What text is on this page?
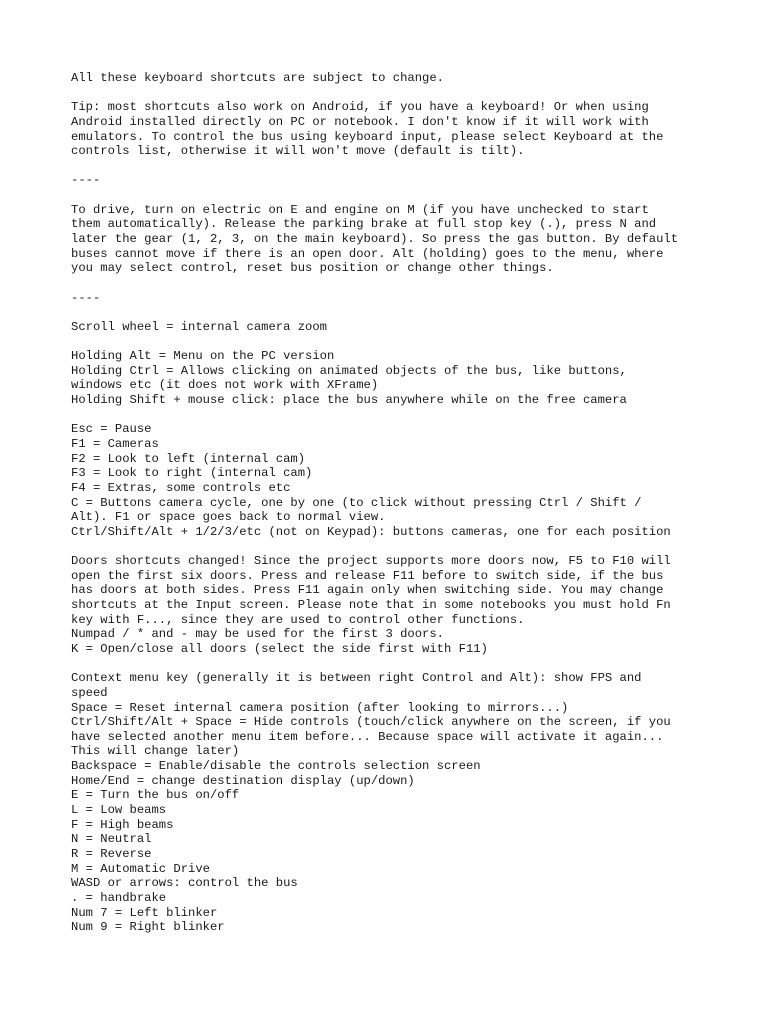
All these keyboard shortcuts are subject to change.
Tip: most shortcuts also work on Android, if you have a keyboard! Or when using
Android installed directly on PC or notebook. I don't know if it will work with
emulators. To control the bus using keyboard input, please select Keyboard at the
controls list, otherwise it will won't move (default is tilt).
----
To drive, turn on electric on E and engine on M (if you have unchecked to start
them automatically). Release the parking brake at full stop key (.), press N and
later the gear (1, 2, 3, on the main keyboard). So press the gas button. By default
buses cannot move if there is an open door. Alt (holding) goes to the menu, where
you may select control, reset bus position or change other things.
----
Scroll wheel = internal camera zoom
Holding Alt = Menu on the PC version
Holding Ctrl = Allows clicking on animated objects of the bus, like buttons,
windows etc (it does not work with XFrame)
Holding Shift + mouse click: place the bus anywhere while on the free camera
Esc = Pause
F1 = Cameras
F2 = Look to left (internal cam)
F3 = Look to right (internal cam)
F4 = Extras, some controls etc
C = Buttons camera cycle, one by one (to click without pressing Ctrl / Shift /
Alt). F1 or space goes back to normal view.
Ctrl/Shift/Alt + 1/2/3/etc (not on Keypad): buttons cameras, one for each position
Doors shortcuts changed! Since the project supports more doors now, F5 to F10 will
open the first six doors. Press and release F11 before to switch side, if the bus
has doors at both sides. Press F11 again only when switching side. You may change
shortcuts at the Input screen. Please note that in some notebooks you must hold Fn
key with F..., since they are used to control other functions.
Numpad / * and - may be used for the first 3 doors.
K = Open/close all doors (select the side first with F11)
Context menu key (generally it is between right Control and Alt): show FPS and
speed
Space = Reset internal camera position (after looking to mirrors...)
Ctrl/Shift/Alt + Space = Hide controls (touch/click anywhere on the screen, if you
have selected another menu item before... Because space will activate it again...
This will change later)
Backspace = Enable/disable the controls selection screen
Home/End = change destination display (up/down)
E = Turn the bus on/off
L = Low beams
F = High beams
N = Neutral
R = Reverse
M = Automatic Drive
WASD or arrows: control the bus
. = handbrake
Num 7 = Left blinker
Num 9 = Right blinker
